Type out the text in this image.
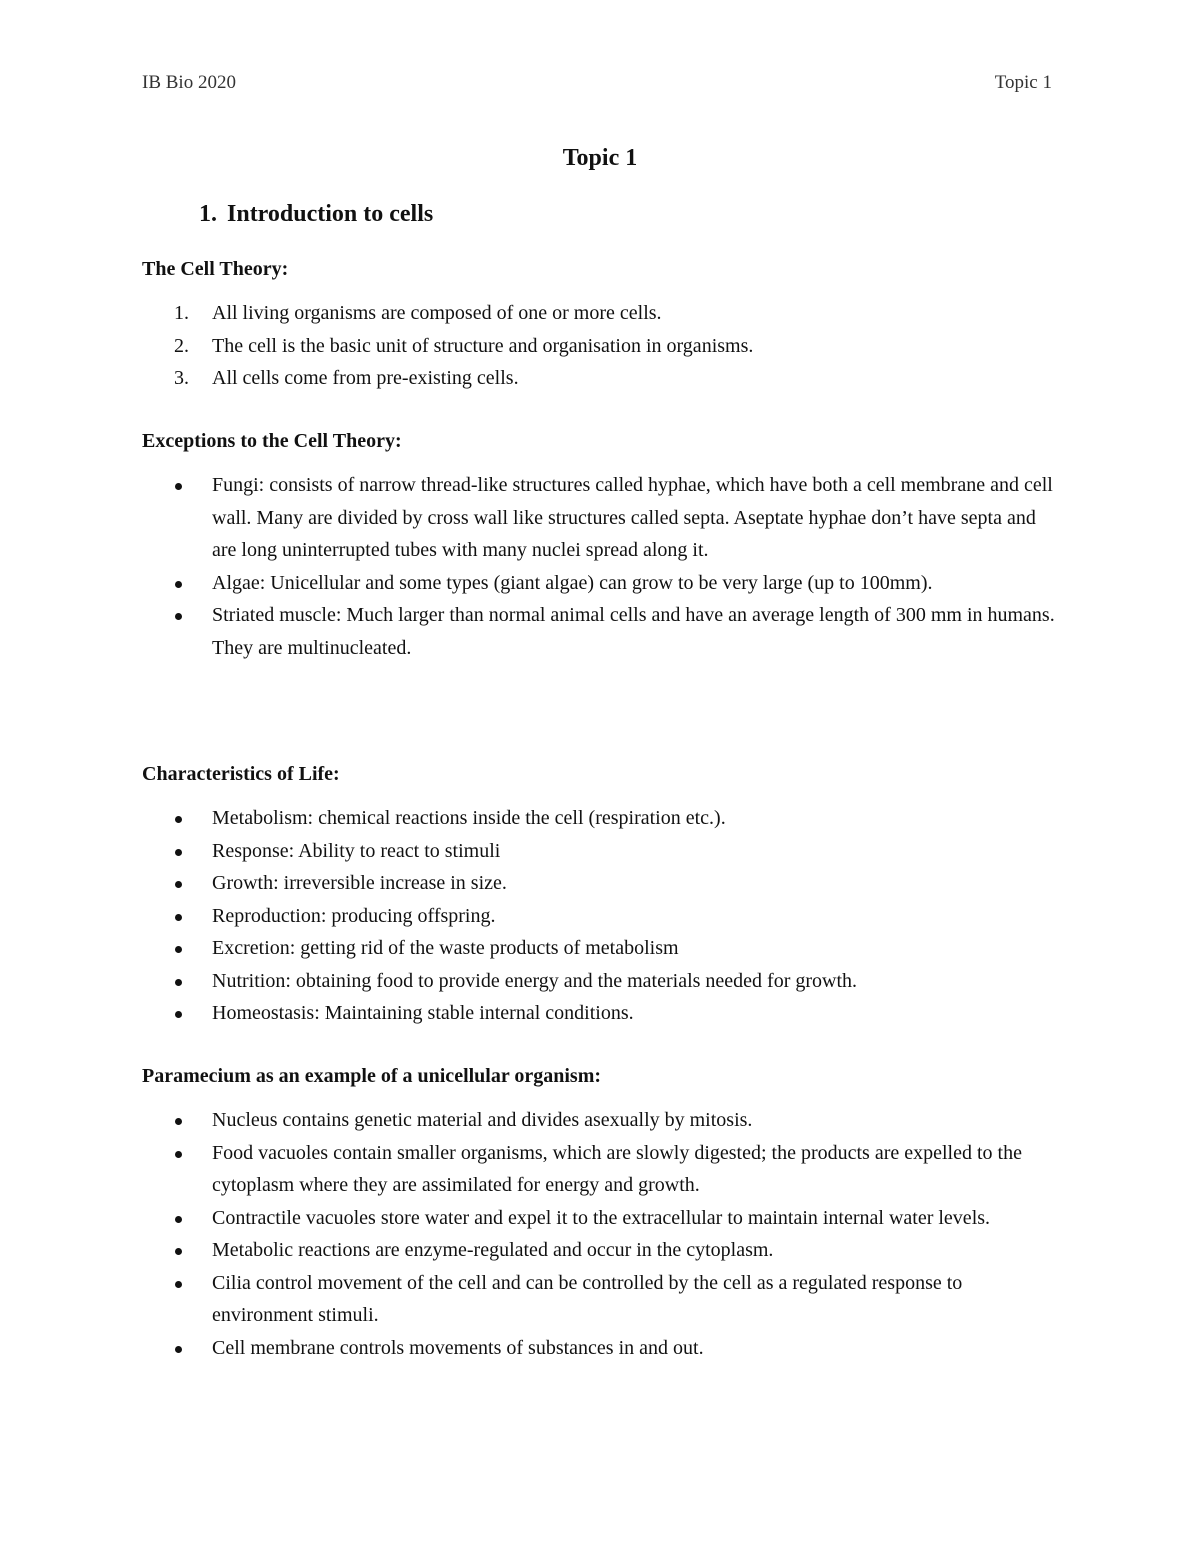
IB Bio 2020	Topic 1
Topic 1
1. Introduction to cells
The Cell Theory:
1. All living organisms are composed of one or more cells.
2. The cell is the basic unit of structure and organisation in organisms.
3. All cells come from pre-existing cells.
Exceptions to the Cell Theory:
Fungi: consists of narrow thread-like structures called hyphae, which have both a cell membrane and cell wall. Many are divided by cross wall like structures called septa. Aseptate hyphae don’t have septa and are long uninterrupted tubes with many nuclei spread along it.
Algae: Unicellular and some types (giant algae) can grow to be very large (up to 100mm).
Striated muscle: Much larger than normal animal cells and have an average length of 300 mm in humans. They are multinucleated.
Characteristics of Life:
Metabolism: chemical reactions inside the cell (respiration etc.).
Response: Ability to react to stimuli
Growth: irreversible increase in size.
Reproduction: producing offspring.
Excretion: getting rid of the waste products of metabolism
Nutrition: obtaining food to provide energy and the materials needed for growth.
Homeostasis: Maintaining stable internal conditions.
Paramecium as an example of a unicellular organism:
Nucleus contains genetic material and divides asexually by mitosis.
Food vacuoles contain smaller organisms, which are slowly digested; the products are expelled to the cytoplasm where they are assimilated for energy and growth.
Contractile vacuoles store water and expel it to the extracellular to maintain internal water levels.
Metabolic reactions are enzyme-regulated and occur in the cytoplasm.
Cilia control movement of the cell and can be controlled by the cell as a regulated response to environment stimuli.
Cell membrane controls movements of substances in and out.
